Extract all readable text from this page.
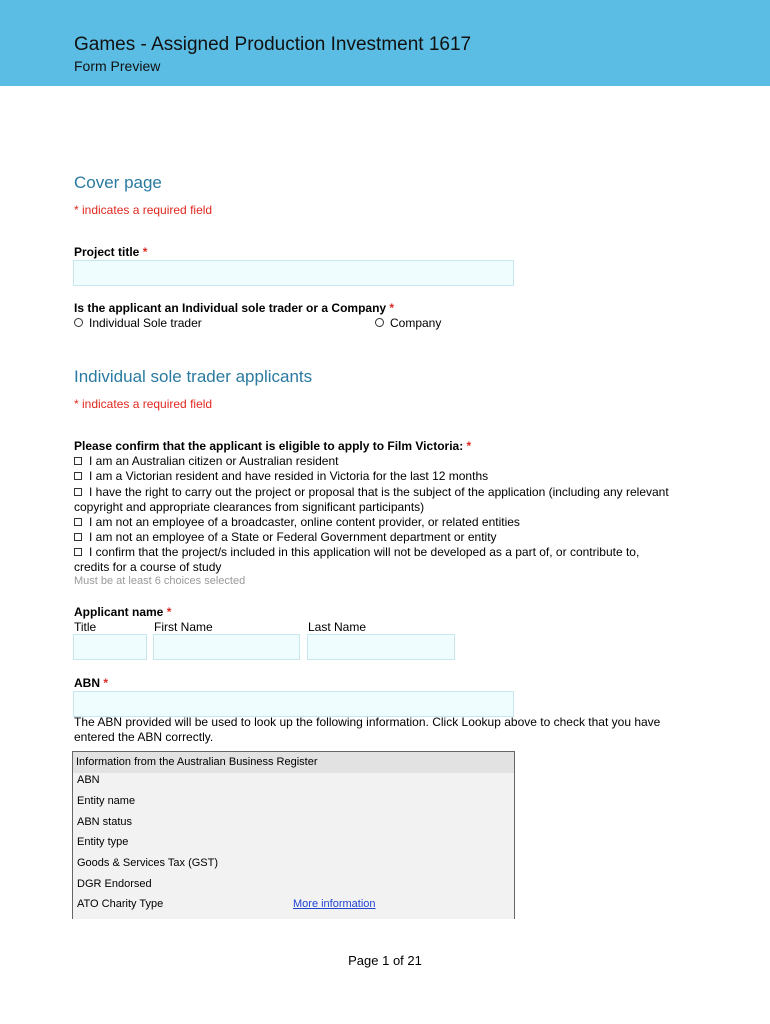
Games - Assigned Production Investment 1617
Form Preview
Cover page
* indicates a required field
Project title *
Is the applicant an Individual sole trader or a Company *
Individual Sole trader	Company
Individual sole trader applicants
* indicates a required field
Please confirm that the applicant is eligible to apply to Film Victoria: *
I am an Australian citizen or Australian resident
I am a Victorian resident and have resided in Victoria for the last 12 months
I have the right to carry out the project or proposal that is the subject of the application (including any relevant copyright and appropriate clearances from significant participants)
I am not an employee of a broadcaster, online content provider, or related entities
I am not an employee of a State or Federal Government department or entity
I confirm that the project/s included in this application will not be developed as a part of, or contribute to, credits for a course of study
Must be at least 6 choices selected
Applicant name *
Title	First Name	Last Name
ABN *
The ABN provided will be used to look up the following information. Click Lookup above to check that you have entered the ABN correctly.
Information from the Australian Business Register
ABN
Entity name
ABN status
Entity type
Goods & Services Tax (GST)
DGR Endorsed
ATO Charity Type	More information
Page 1 of 21
